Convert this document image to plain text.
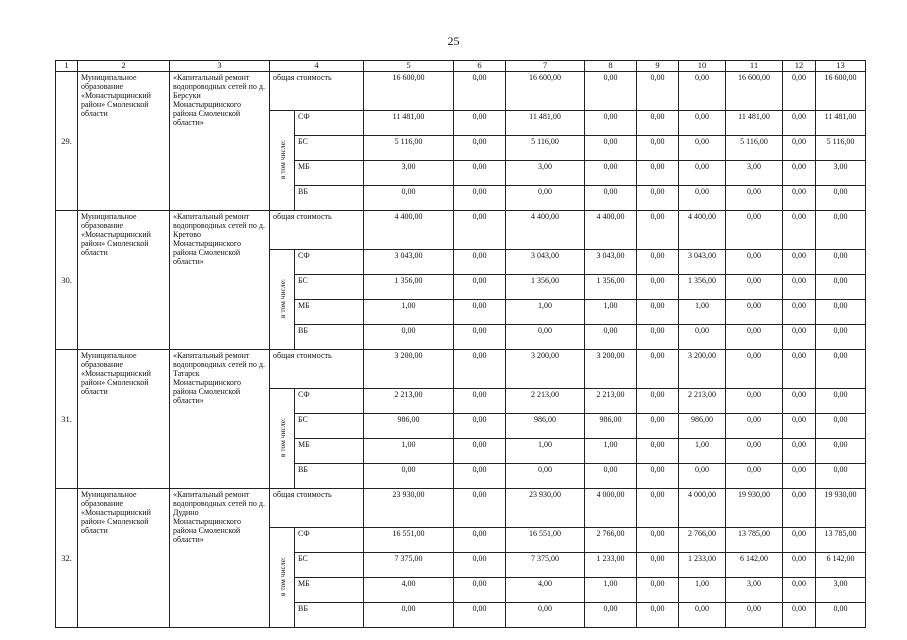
25
1	2	3	4		5	6	7	8	9	10	11	12	13
29.	Муниципальное образование «Монастырщинский район» Смоленской области	«Капитальный ремонт водопроводных сетей по д. Берсуки Монастырщинского района Смоленской области»	общая стоимость		16 600,00	0,00	16 600,00	0,00	0,00	0,00	16 600,00	0,00	16 600,00
			в том числе:	СФ	11 481,00	0,00	11 481,00	0,00	0,00	0,00	11 481,00	0,00	11 481,00
				БС	5 116,00	0,00	5 116,00	0,00	0,00	0,00	5 116,00	0,00	5 116,00
				МБ	3,00	0,00	3,00	0,00	0,00	0,00	3,00	0,00	3,00
				ВБ	0,00	0,00	0,00	0,00	0,00	0,00	0,00	0,00	0,00
30.	Муниципальное образование «Монастырщинский район» Смоленской области	«Капитальный ремонт водопроводных сетей по д. Кретово Монастырщинского района Смоленской области»	общая стоимость		4 400,00	0,00	4 400,00	4 400,00	0,00	4 400,00	0,00	0,00	0,00
			в том числе:	СФ	3 043,00	0,00	3 043,00	3 043,00	0,00	3 043,00	0,00	0,00	0,00
				БС	1 356,00	0,00	1 356,00	1 356,00	0,00	1 356,00	0,00	0,00	0,00
				МБ	1,00	0,00	1,00	1,00	0,00	1,00	0,00	0,00	0,00
				ВБ	0,00	0,00	0,00	0,00	0,00	0,00	0,00	0,00	0,00
31.	Муниципальное образование «Монастырщинский район» Смоленской области	«Капитальный ремонт водопроводных сетей по д. Татарск Монастырщинского района Смоленской области»	общая стоимость		3 200,00	0,00	3 200,00	3 200,00	0,00	3 200,00	0,00	0,00	0,00
			в том числе:	СФ	2 213,00	0,00	2 213,00	2 213,00	0,00	2 213,00	0,00	0,00	0,00
				БС	986,00	0,00	986,00	986,00	0,00	986,00	0,00	0,00	0,00
				МБ	1,00	0,00	1,00	1,00	0,00	1,00	0,00	0,00	0,00
				ВБ	0,00	0,00	0,00	0,00	0,00	0,00	0,00	0,00	0,00
32.	Муниципальное образование «Монастырщинский район» Смоленской области	«Капитальный ремонт водопроводных сетей по д. Дудино Монастырщинского района Смоленской области»	общая стоимость		23 930,00	0,00	23 930,00	4 000,00	0,00	4 000,00	19 930,00	0,00	19 930,00
			в том числе:	СФ	16 551,00	0,00	16 551,00	2 766,00	0,00	2 766,00	13 785,00	0,00	13 785,00
				БС	7 375,00	0,00	7 375,00	1 233,00	0,00	1 233,00	6 142,00	0,00	6 142,00
				МБ	4,00	0,00	4,00	1,00	0,00	1,00	3,00	0,00	3,00
				ВБ	0,00	0,00	0,00	0,00	0,00	0,00	0,00	0,00	0,00
